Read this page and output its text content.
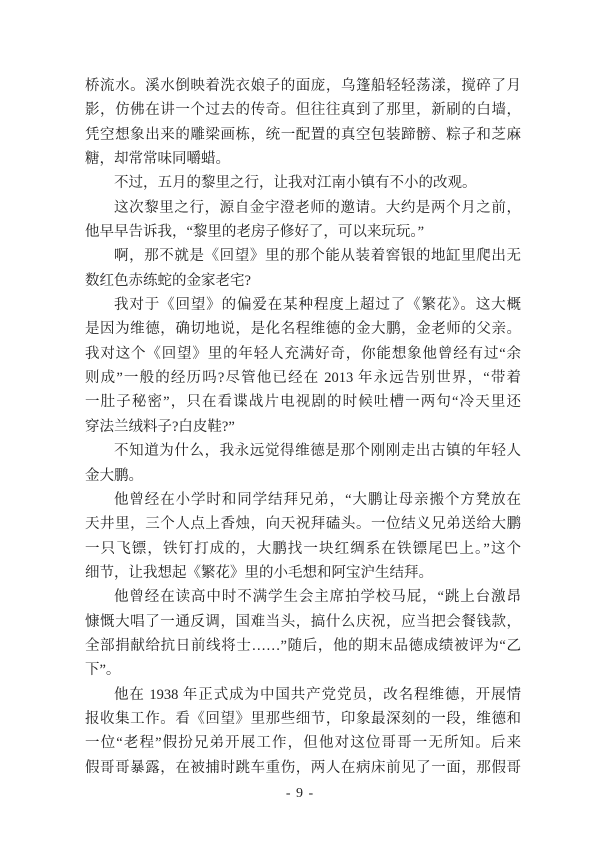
桥流水。溪水倒映着洗衣娘子的面庞，乌篷船轻轻荡漾，搅碎了月
影，仿佛在讲一个过去的传奇。但往往真到了那里，新刷的白墙，
凭空想象出来的雕梁画栋，统一配置的真空包装蹄髈、粽子和芝麻
糖，却常常味同嚼蜡。
不过，五月的黎里之行，让我对江南小镇有不小的改观。
这次黎里之行，源自金宇澄老师的邀请。大约是两个月之前，
他早早告诉我，“黎里的老房子修好了，可以来玩玩。”
啊，那不就是《回望》里的那个能从装着窖银的地缸里爬出无
数红色赤练蛇的金家老宅?
我对于《回望》的偏爱在某种程度上超过了《繁花》。这大概
是因为维德，确切地说，是化名程维德的金大鹏，金老师的父亲。
我对这个《回望》里的年轻人充满好奇，你能想象他曾经有过“余
则成”一般的经历吗?尽管他已经在 2013 年永远告别世界，“带着
一肚子秘密”，只在看谍战片电视剧的时候吐槽一两句“冷天里还
穿法兰绒料子?白皮鞋?”
不知道为什么，我永远觉得维德是那个刚刚走出古镇的年轻人
金大鹏。
他曾经在小学时和同学结拜兄弟，“大鹏让母亲搬个方凳放在
天井里，三个人点上香烛，向天祝拜磕头。一位结义兄弟送给大鹏
一只飞镖，铁钉打成的，大鹏找一块红绸系在铁镖尾巴上。”这个
细节，让我想起《繁花》里的小毛想和阿宝沪生结拜。
他曾经在读高中时不满学生会主席拍学校马屁，“跳上台激昂
慷慨大唱了一通反调，国难当头，搞什么庆祝，应当把会餐钱款，
全部捐献给抗日前线将士……”随后，他的期末品德成绩被评为“乙
下”。
他在 1938 年正式成为中国共产党党员，改名程维德，开展情
报收集工作。看《回望》里那些细节，印象最深刻的一段，维德和
一位“老程”假扮兄弟开展工作，但他对这位哥哥一无所知。后来
假哥哥暴露，在被捕时跳车重伤，两人在病床前见了一面，那假哥
- 9 -
